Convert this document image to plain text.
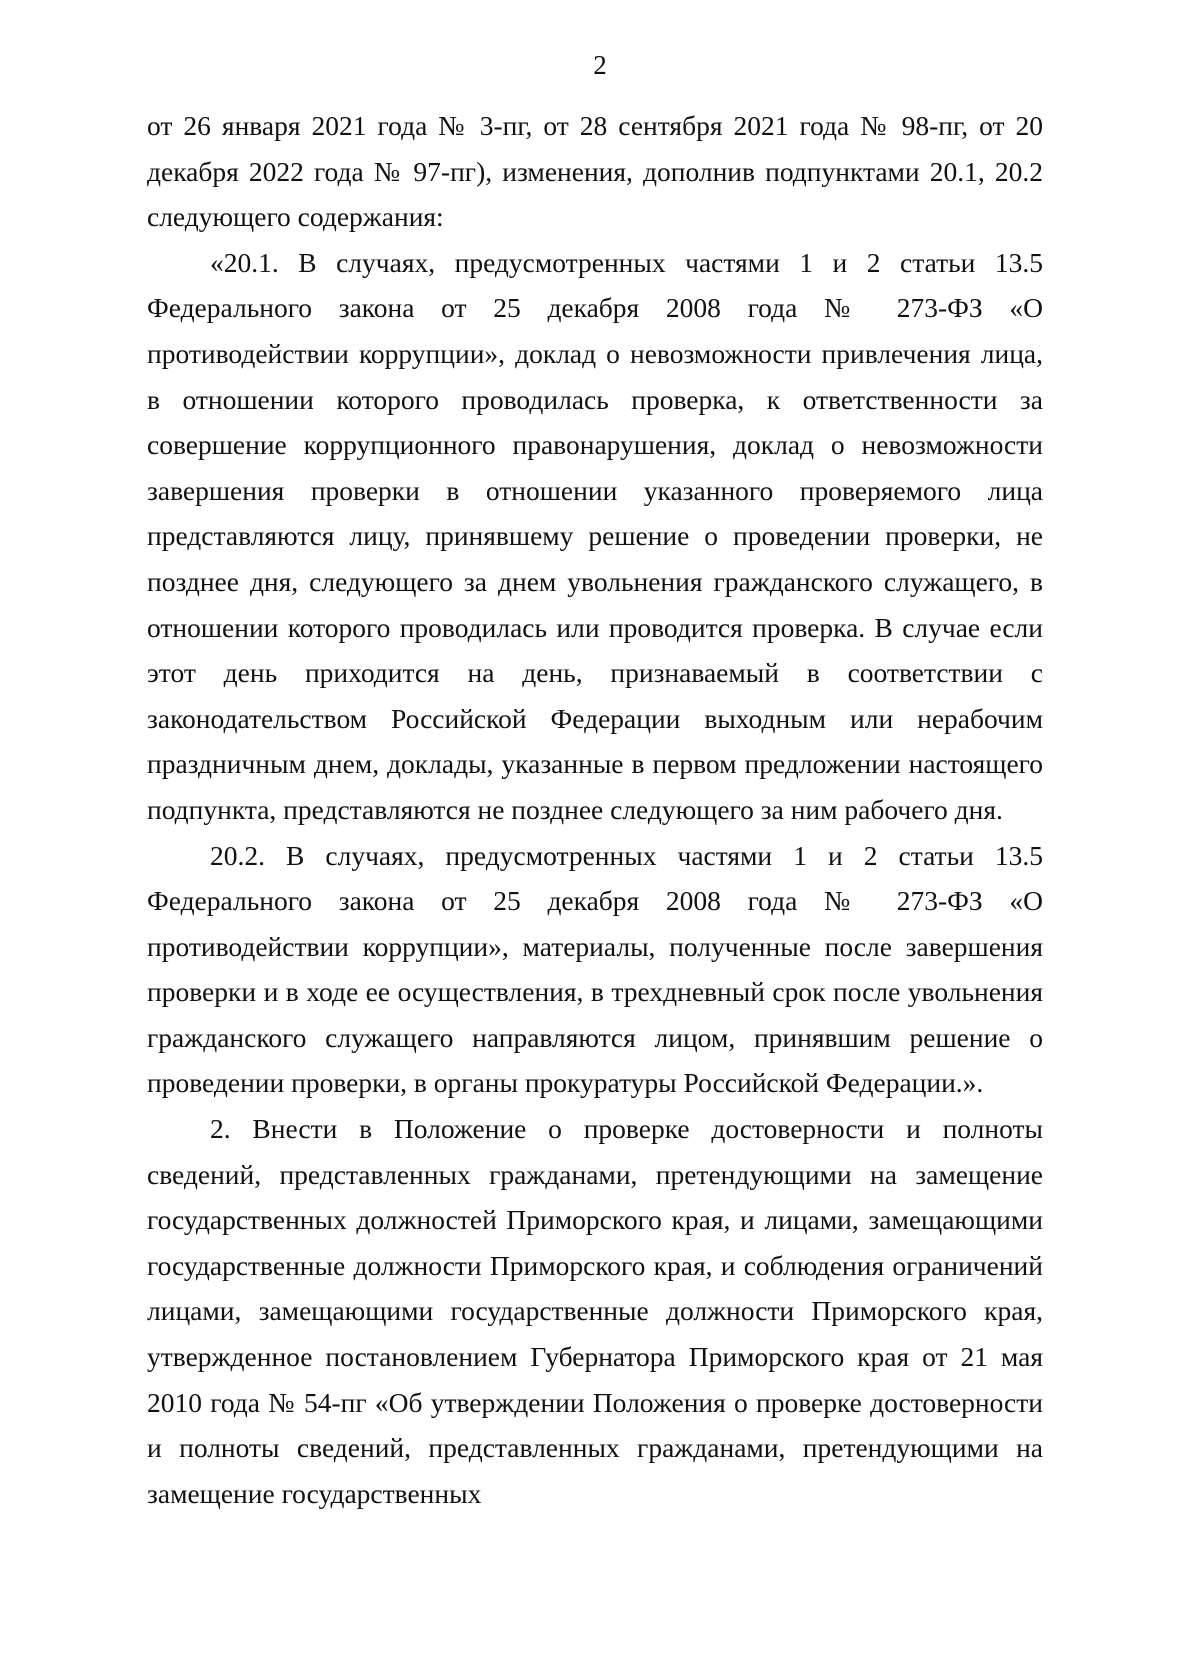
2

от 26 января 2021 года № 3-пг, от 28 сентября 2021 года № 98-пг, от 20 декабря 2022 года № 97-пг), изменения, дополнив подпунктами 20.1, 20.2 следующего содержания:

«20.1. В случаях, предусмотренных частями 1 и 2 статьи 13.5 Федерального закона от 25 декабря 2008 года № 273-ФЗ «О противодействии коррупции», доклад о невозможности привлечения лица, в отношении которого проводилась проверка, к ответственности за совершение коррупционного правонарушения, доклад о невозможности завершения проверки в отношении указанного проверяемого лица представляются лицу, принявшему решение о проведении проверки, не позднее дня, следующего за днем увольнения гражданского служащего, в отношении которого проводилась или проводится проверка. В случае если этот день приходится на день, признаваемый в соответствии с законодательством Российской Федерации выходным или нерабочим праздничным днем, доклады, указанные в первом предложении настоящего подпункта, представляются не позднее следующего за ним рабочего дня.

20.2. В случаях, предусмотренных частями 1 и 2 статьи 13.5 Федерального закона от 25 декабря 2008 года № 273-ФЗ «О противодействии коррупции», материалы, полученные после завершения проверки и в ходе ее осуществления, в трехдневный срок после увольнения гражданского служащего направляются лицом, принявшим решение о проведении проверки, в органы прокуратуры Российской Федерации.».

2. Внести в Положение о проверке достоверности и полноты сведений, представленных гражданами, претендующими на замещение государственных должностей Приморского края, и лицами, замещающими государственные должности Приморского края, и соблюдения ограничений лицами, замещающими государственные должности Приморского края, утвержденное постановлением Губернатора Приморского края от 21 мая 2010 года № 54-пг «Об утверждении Положения о проверке достоверности и полноты сведений, представленных гражданами, претендующими на замещение государственных
